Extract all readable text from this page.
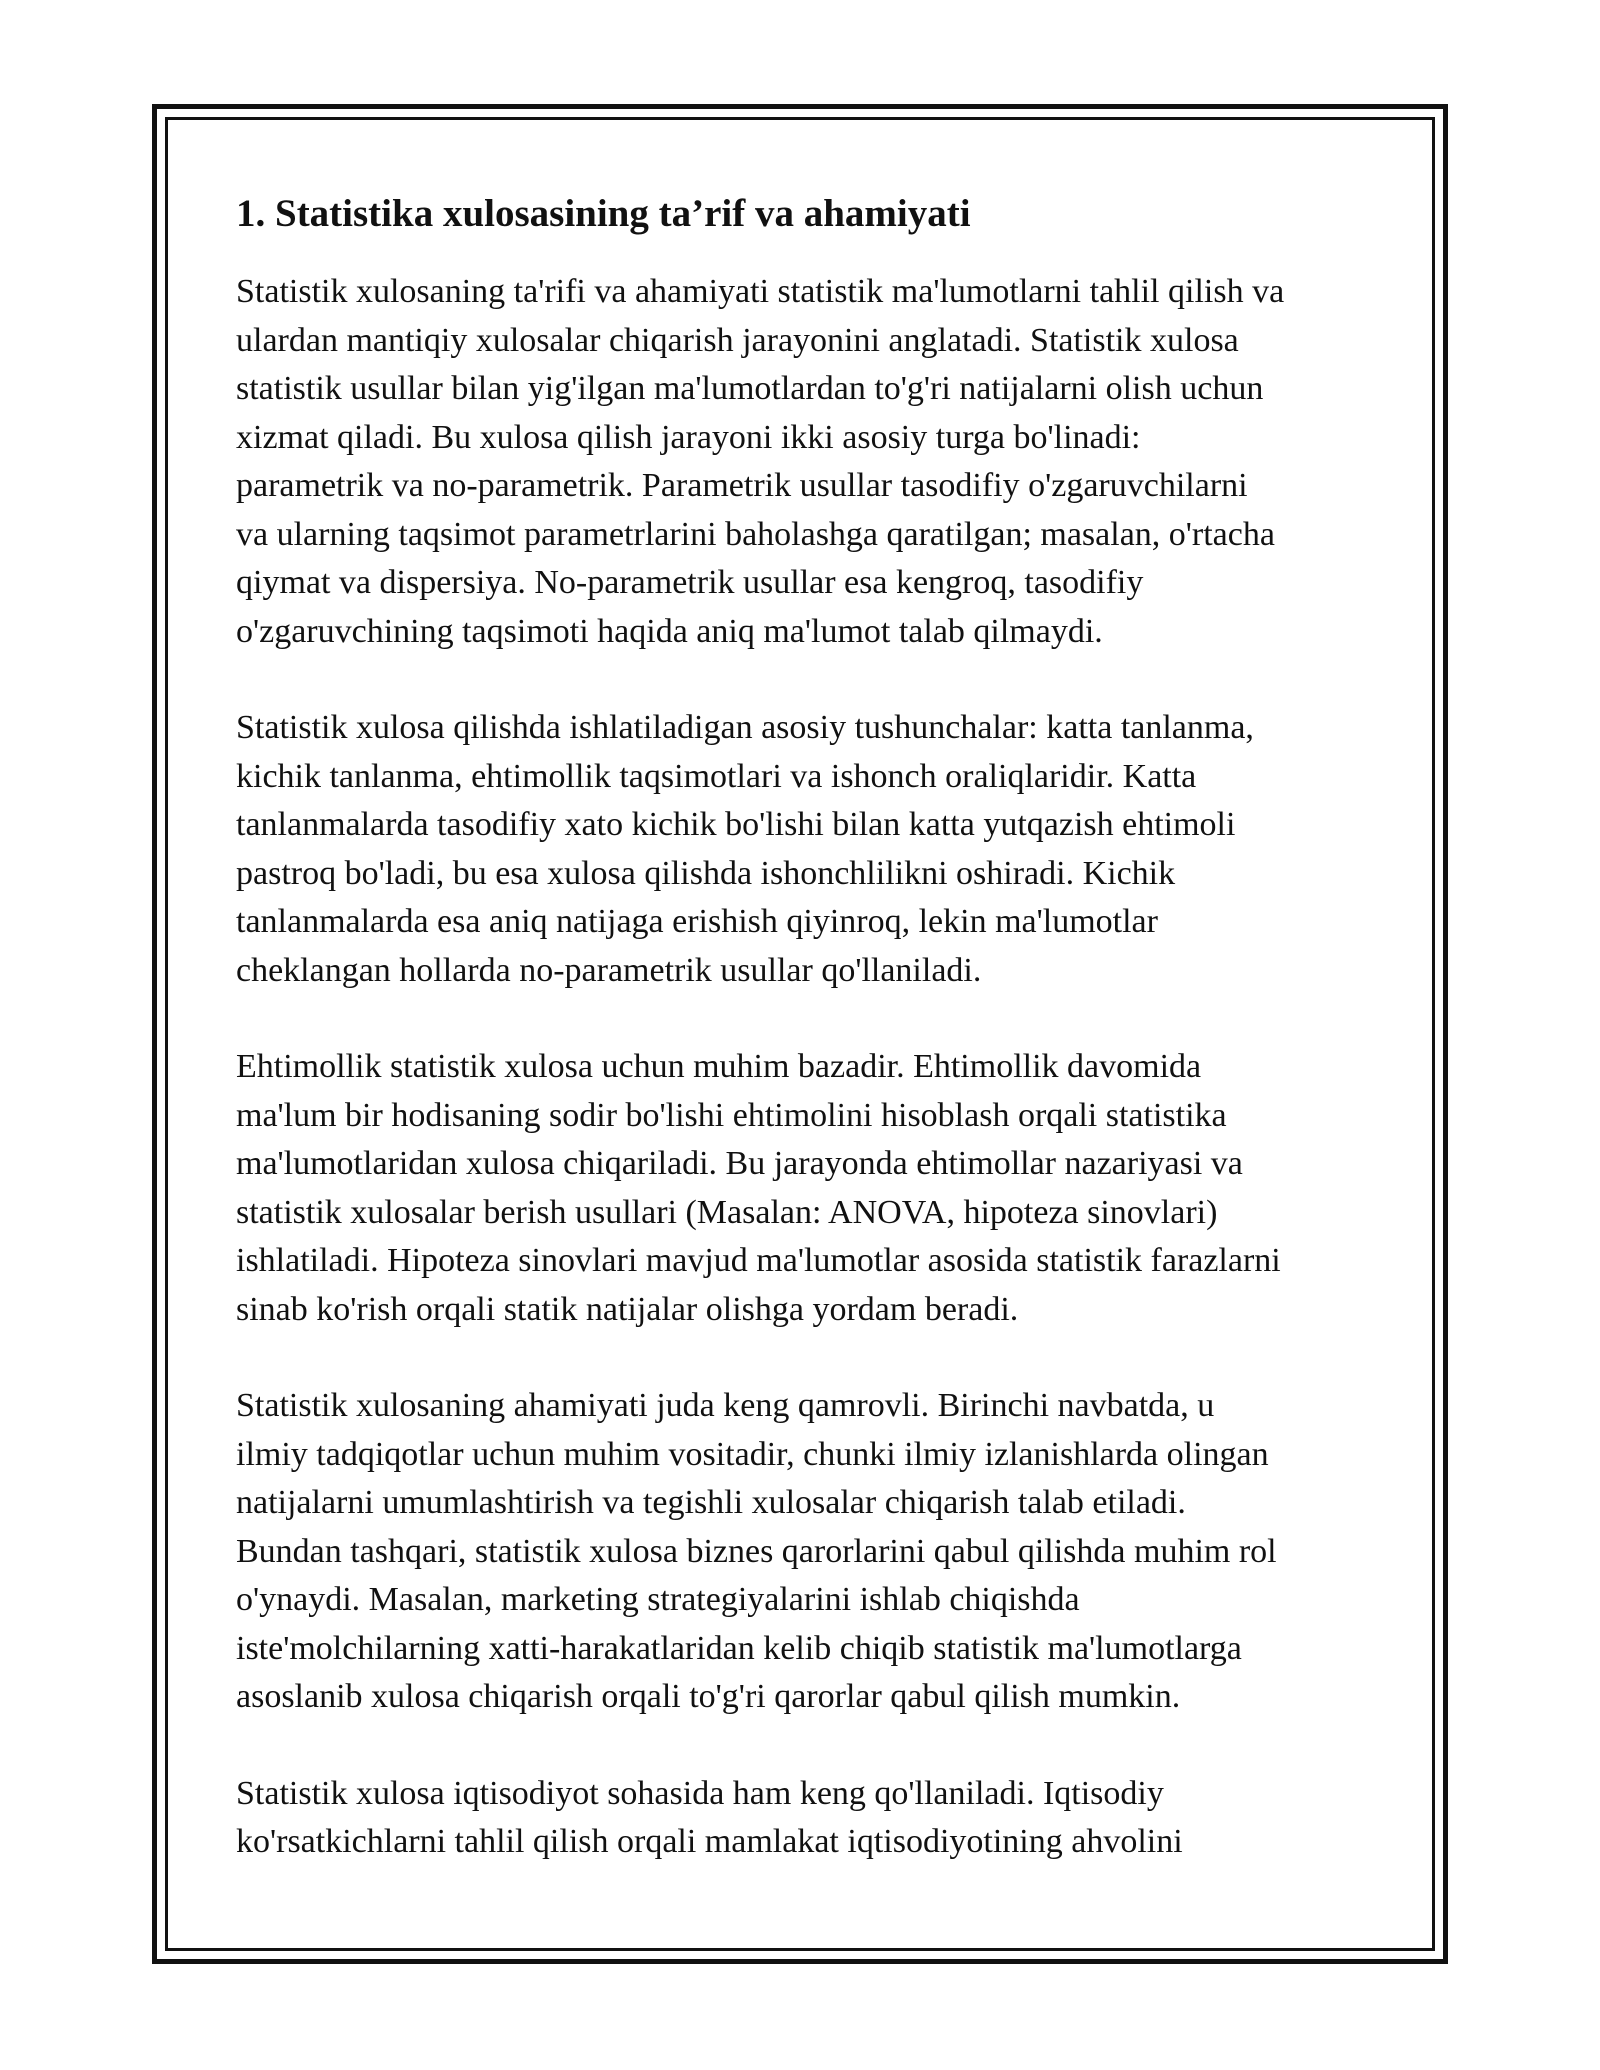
1. Statistika xulosasining ta’rif va ahamiyati

Statistik xulosaning ta'rifi va ahamiyati statistik ma'lumotlarni tahlil qilish va
ulardan mantiqiy xulosalar chiqarish jarayonini anglatadi. Statistik xulosa
statistik usullar bilan yig'ilgan ma'lumotlardan to'g'ri natijalarni olish uchun
xizmat qiladi. Bu xulosa qilish jarayoni ikki asosiy turga bo'linadi:
parametrik va no-parametrik. Parametrik usullar tasodifiy o'zgaruvchilarni
va ularning taqsimot parametrlarini baholashga qaratilgan; masalan, o'rtacha
qiymat va dispersiya. No-parametrik usullar esa kengroq, tasodifiy
o'zgaruvchining taqsimoti haqida aniq ma'lumot talab qilmaydi.

Statistik xulosa qilishda ishlatiladigan asosiy tushunchalar: katta tanlanma,
kichik tanlanma, ehtimollik taqsimotlari va ishonch oraliqlaridir. Katta
tanlanmalarda tasodifiy xato kichik bo'lishi bilan katta yutqazish ehtimoli
pastroq bo'ladi, bu esa xulosa qilishda ishonchlilikni oshiradi. Kichik
tanlanmalarda esa aniq natijaga erishish qiyinroq, lekin ma'lumotlar
cheklangan hollarda no-parametrik usullar qo'llaniladi.

Ehtimollik statistik xulosa uchun muhim bazadir. Ehtimollik davomida
ma'lum bir hodisaning sodir bo'lishi ehtimolini hisoblash orqali statistika
ma'lumotlaridan xulosa chiqariladi. Bu jarayonda ehtimollar nazariyasi va
statistik xulosalar berish usullari (Masalan: ANOVA, hipoteza sinovlari)
ishlatiladi. Hipoteza sinovlari mavjud ma'lumotlar asosida statistik farazlarni
sinab ko'rish orqali statik natijalar olishga yordam beradi.

Statistik xulosaning ahamiyati juda keng qamrovli. Birinchi navbatda, u
ilmiy tadqiqotlar uchun muhim vositadir, chunki ilmiy izlanishlarda olingan
natijalarni umumlashtirish va tegishli xulosalar chiqarish talab etiladi.
Bundan tashqari, statistik xulosa biznes qarorlarini qabul qilishda muhim rol
o'ynaydi. Masalan, marketing strategiyalarini ishlab chiqishda
iste'molchilarning xatti-harakatlaridan kelib chiqib statistik ma'lumotlarga
asoslanib xulosa chiqarish orqali to'g'ri qarorlar qabul qilish mumkin.

Statistik xulosa iqtisodiyot sohasida ham keng qo'llaniladi. Iqtisodiy
ko'rsatkichlarni tahlil qilish orqali mamlakat iqtisodiyotining ahvolini
